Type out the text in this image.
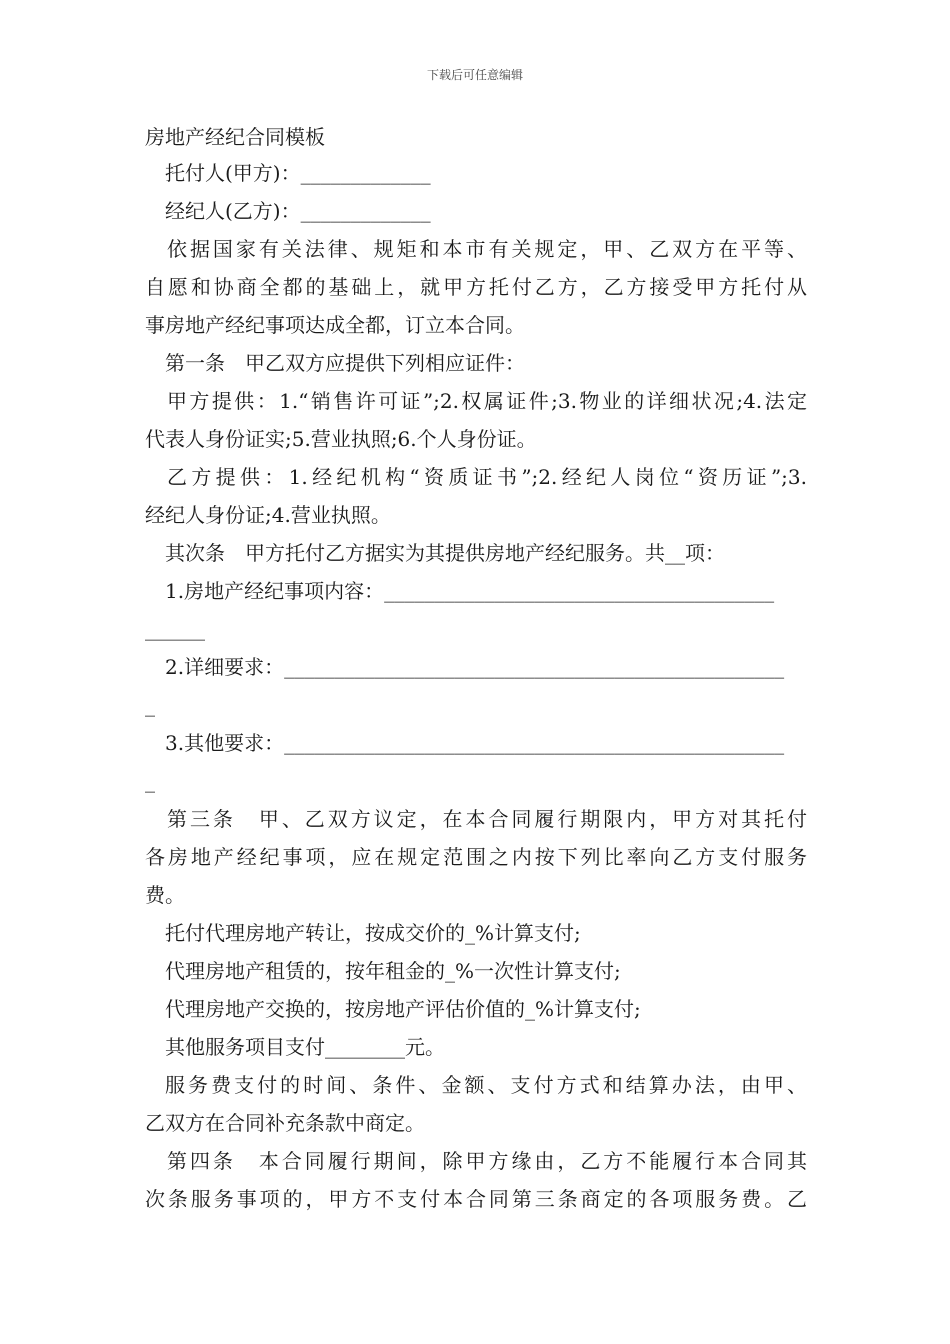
下载后可任意编辑
房地产经纪合同模板
托付人(甲方)：_____________
经纪人(乙方)：_____________
依据国家有关法律、规矩和本市有关规定，甲、乙双方在平等、
自愿和协商全都的基础上，就甲方托付乙方，乙方接受甲方托付从
事房地产经纪事项达成全都，订立本合同。
第一条　甲乙双方应提供下列相应证件：
甲方提供：1.“销售许可证”;2.权属证件;3.物业的详细状况;4.法定
代表人身份证实;5.营业执照;6.个人身份证。
乙方提供：1.经纪机构“资质证书”;2.经纪人岗位“资历证”;3.
经纪人身份证;4.营业执照。
其次条　甲方托付乙方据实为其提供房地产经纪服务。共__项：
1.房地产经纪事项内容：_______________________________________
______
2.详细要求：__________________________________________________
_
3.其他要求：__________________________________________________
_
第三条　甲、乙双方议定，在本合同履行期限内，甲方对其托付
各房地产经纪事项，应在规定范围之内按下列比率向乙方支付服务
费。
托付代理房地产转让，按成交价的_%计算支付;
代理房地产租赁的，按年租金的_%一次性计算支付;
代理房地产交换的，按房地产评估价值的_%计算支付;
其他服务项目支付________元。
服务费支付的时间、条件、金额、支付方式和结算办法，由甲、
乙双方在合同补充条款中商定。
第四条　本合同履行期间，除甲方缘由，乙方不能履行本合同其
次条服务事项的，甲方不支付本合同第三条商定的各项服务费。乙
